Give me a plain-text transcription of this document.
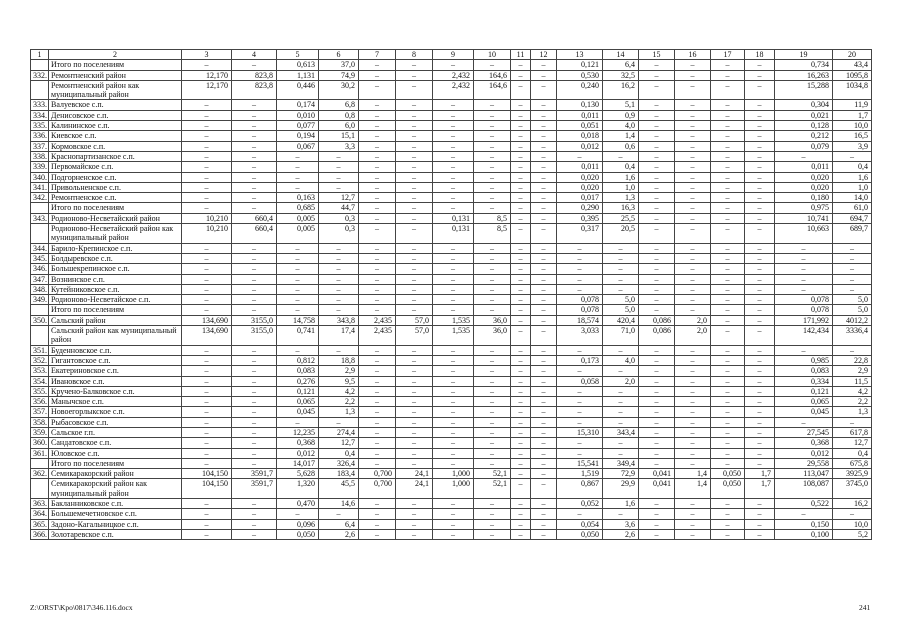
1	2	3	4	5	6	7	8	9	10	11	12	13	14	15	16	17	18	19	20
	Итого по поселениям	–	–	0,613	37,0	–	–	–	–	–	–	0,121	6,4	–	–	–	–	0,734	43,4
332.	Ремонтненский район	12,170	823,8	1,131	74,9	–	–	2,432	164,6	–	–	0,530	32,5	–	–	–	–	16,263	1095,8
	Ремонтненский район как муниципальный район	12,170	823,8	0,446	30,2	–	–	2,432	164,6	–	–	0,240	16,2	–	–	–	–	15,288	1034,8
333.	Валуевское с.п.	–	–	0,174	6,8	–	–	–	–	–	–	0,130	5,1	–	–	–	–	0,304	11,9
334.	Денисовское с.п.	–	–	0,010	0,8	–	–	–	–	–	–	0,011	0,9	–	–	–	–	0,021	1,7
335.	Калининское с.п.	–	–	0,077	6,0	–	–	–	–	–	–	0,051	4,0	–	–	–	–	0,128	10,0
336.	Киевское с.п.	–	–	0,194	15,1	–	–	–	–	–	–	0,018	1,4	–	–	–	–	0,212	16,5
337.	Кормовское с.п.	–	–	0,067	3,3	–	–	–	–	–	–	0,012	0,6	–	–	–	–	0,079	3,9
338.	Краснопартизанское с.п.	–	–	–	–	–	–	–	–	–	–	–	–	–	–	–	–	–	–
339.	Первомайское с.п.	–	–	–	–	–	–	–	–	–	–	0,011	0,4	–	–	–	–	0,011	0,4
340.	Подгорненское с.п.	–	–	–	–	–	–	–	–	–	–	0,020	1,6	–	–	–	–	0,020	1,6
341.	Привольненское с.п.	–	–	–	–	–	–	–	–	–	–	0,020	1,0	–	–	–	–	0,020	1,0
342.	Ремонтненское с.п.	–	–	0,163	12,7	–	–	–	–	–	–	0,017	1,3	–	–	–	–	0,180	14,0
	Итого по поселениям	–	–	0,685	44,7	–	–	–	–	–	–	0,290	16,3	–	–	–	–	0,975	61,0
343.	Родионово-Несветайский район	10,210	660,4	0,005	0,3	–	–	0,131	8,5	–	–	0,395	25,5	–	–	–	–	10,741	694,7
	Родионово-Несветайский район как муниципальный район	10,210	660,4	0,005	0,3	–	–	0,131	8,5	–	–	0,317	20,5	–	–	–	–	10,663	689,7
344.	Барило-Крепинское с.п.	–	–	–	–	–	–	–	–	–	–	–	–	–	–	–	–	–	–
345.	Болдыревское с.п.	–	–	–	–	–	–	–	–	–	–	–	–	–	–	–	–	–	–
346.	Большекрепинское с.п.	–	–	–	–	–	–	–	–	–	–	–	–	–	–	–	–	–	–
347.	Вознинское с.п.	–	–	–	–	–	–	–	–	–	–	–	–	–	–	–	–	–	–
348.	Кутейниковское с.п.	–	–	–	–	–	–	–	–	–	–	–	–	–	–	–	–	–	–
349.	Родионово-Несветайское с.п.	–	–	–	–	–	–	–	–	–	–	0,078	5,0	–	–	–	–	0,078	5,0
	Итого по поселениям	–	–	–	–	–	–	–	–	–	–	0,078	5,0	–	–	–	–	0,078	5,0
350.	Сальский район	134,690	3155,0	14,758	343,8	2,435	57,0	1,535	36,0	–	–	18,574	420,4	0,086	2,0	–	–	171,992	4012,2
	Сальский район как муниципальный район	134,690	3155,0	0,741	17,4	2,435	57,0	1,535	36,0	–	–	3,033	71,0	0,086	2,0	–	–	142,434	3336,4
351.	Буденновское с.п.	–	–	–	–	–	–	–	–	–	–	–	–	–	–	–	–	–	–
352.	Гигантовское с.п.	–	–	0,812	18,8	–	–	–	–	–	–	0,173	4,0	–	–	–	–	0,985	22,8
353.	Екатериновское с.п.	–	–	0,083	2,9	–	–	–	–	–	–	–	–	–	–	–	–	0,083	2,9
354.	Ивановское с.п.	–	–	0,276	9,5	–	–	–	–	–	–	0,058	2,0	–	–	–	–	0,334	11,5
355.	Кручено-Балковское с.п.	–	–	0,121	4,2	–	–	–	–	–	–	–	–	–	–	–	–	0,121	4,2
356.	Манычское с.п.	–	–	0,065	2,2	–	–	–	–	–	–	–	–	–	–	–	–	0,065	2,2
357.	Новоегорлыкское с.п.	–	–	0,045	1,3	–	–	–	–	–	–	–	–	–	–	–	–	0,045	1,3
358.	Рыбасовское с.п.	–	–	–	–	–	–	–	–	–	–	–	–	–	–	–	–	–	–
359.	Сальское г.п.	–	–	12,235	274,4	–	–	–	–	–	–	15,310	343,4	–	–	–	–	27,545	617,8
360.	Сандатовское с.п.	–	–	0,368	12,7	–	–	–	–	–	–	–	–	–	–	–	–	0,368	12,7
361.	Юловское с.п.	–	–	0,012	0,4	–	–	–	–	–	–	–	–	–	–	–	–	0,012	0,4
	Итого по поселениям	–	–	14,017	326,4	–	–	–	–	–	–	15,541	349,4	–	–	–	–	29,558	675,8
362.	Семикаракорский район	104,150	3591,7	5,628	183,4	0,700	24,1	1,000	52,1	–	–	1,519	72,9	0,041	1,4	0,050	1,7	113,047	3925,9
	Семикаракорский район как муниципальный район	104,150	3591,7	1,320	45,5	0,700	24,1	1,000	52,1	–	–	0,867	29,9	0,041	1,4	0,050	1,7	108,087	3745,0
363.	Бакланниковское с.п.	–	–	0,470	14,6	–	–	–	–	–	–	0,052	1,6	–	–	–	–	0,522	16,2
364.	Большемечетновское с.п.	–	–	–	–	–	–	–	–	–	–	–	–	–	–	–	–	–	–
365.	Задоно-Кагальницкое с.п.	–	–	0,096	6,4	–	–	–	–	–	–	0,054	3,6	–	–	–	–	0,150	10,0
366.	Золотаревское с.п.	–	–	0,050	2,6	–	–	–	–	–	–	0,050	2,6	–	–	–	–	0,100	5,2
Z:\ORST\Kpo\0817\346.116.docx	241
